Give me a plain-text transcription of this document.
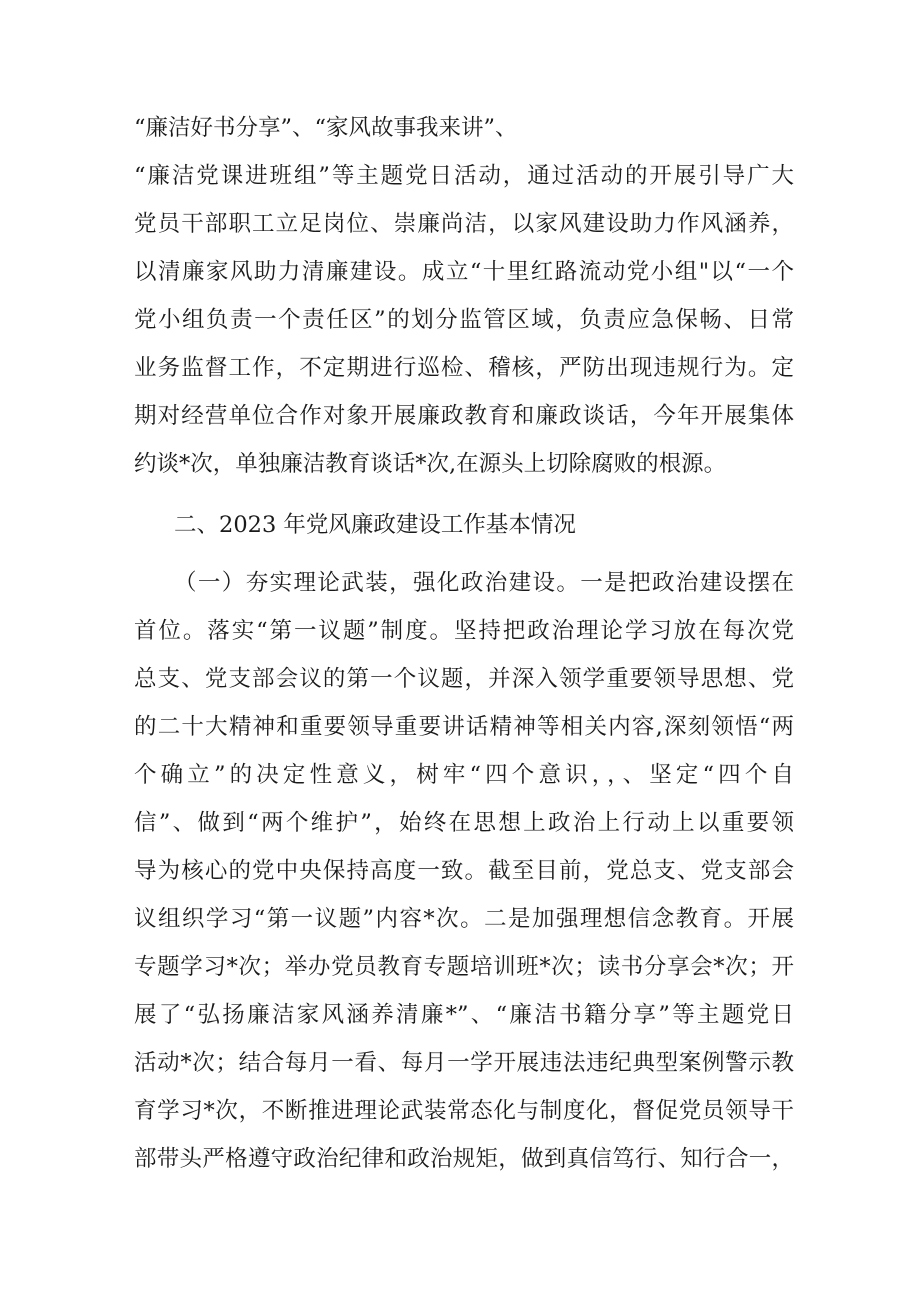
“廉洁好书分享”、“家风故事我来讲”、
“廉洁党课进班组”等主题党日活动，通过活动的开展引导广大
党员干部职工立足岗位、崇廉尚洁，以家风建设助力作风涵养，
以清廉家风助力清廉建设。成立“十里红路流动党小组"以“一个
党小组负责一个责任区”的划分监管区域，负责应急保畅、日常
业务监督工作，不定期进行巡检、稽核，严防出现违规行为。定
期对经营单位合作对象开展廉政教育和廉政谈话，今年开展集体
约谈*次，单独廉洁教育谈话*次,在源头上切除腐败的根源。
二、2023 年党风廉政建设工作基本情况
（一）夯实理论武装，强化政治建设。一是把政治建设摆在
首位。落实“第一议题”制度。坚持把政治理论学习放在每次党
总支、党支部会议的第一个议题，并深入领学重要领导思想、党
的二十大精神和重要领导重要讲话精神等相关内容,深刻领悟“两
个确立”的决定性意义，树牢“四个意识，，、坚定“四个自
信”、做到“两个维护”，始终在思想上政治上行动上以重要领
导为核心的党中央保持高度一致。截至目前，党总支、党支部会
议组织学习“第一议题”内容*次。二是加强理想信念教育。开展
专题学习*次；举办党员教育专题培训班*次；读书分享会*次；开
展了“弘扬廉洁家风涵养清廉*”、“廉洁书籍分享”等主题党日
活动*次；结合每月一看、每月一学开展违法违纪典型案例警示教
育学习*次，不断推进理论武装常态化与制度化，督促党员领导干
部带头严格遵守政治纪律和政治规矩，做到真信笃行、知行合一，
